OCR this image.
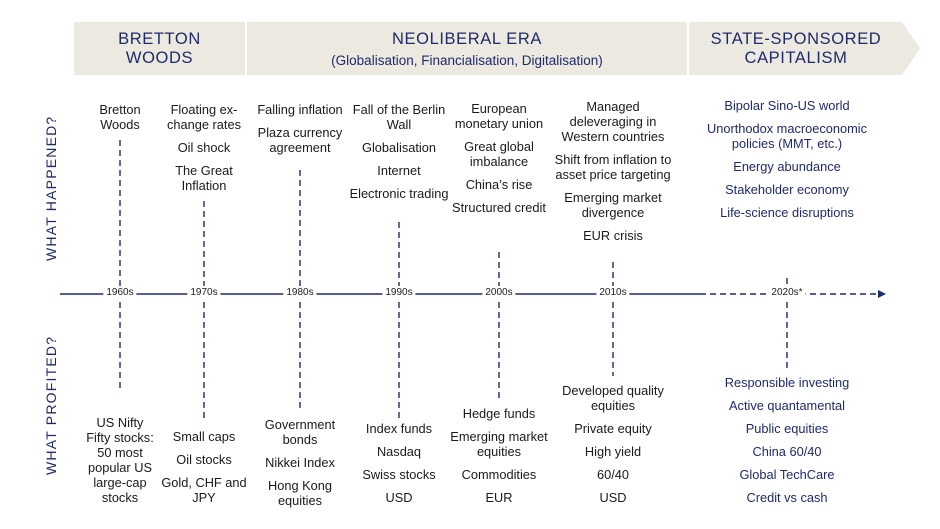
BRETTON WOODS
NEOLIBERAL ERA
(Globalisation, Financialisation, Digitalisation)
STATE-SPONSORED CAPITALISM
WHAT HAPPENED?
WHAT PROFITED?
1960s	1970s	1980s	1990s	2000s	2010s	2020s*
Bretton Woods
Floating ex-change rates
Oil shock
The Great Inflation
Falling inflation
Plaza currency agreement
Fall of the Berlin Wall
Globalisation
Internet
Electronic trading
European monetary union
Great global imbalance
China’s rise
Structured credit
Managed deleveraging in Western countries
Shift from inflation to asset price targeting
Emerging market divergence
EUR crisis
Bipolar Sino-US world
Unorthodox macroeconomic policies (MMT, etc.)
Energy abundance
Stakeholder economy
Life-science disruptions
US Nifty Fifty stocks: 50 most popular US large-cap stocks
Small caps
Oil stocks
Gold, CHF and JPY
Government bonds
Nikkei Index
Hong Kong equities
Index funds
Nasdaq
Swiss stocks
USD
Hedge funds
Emerging market equities
Commodities
EUR
Developed quality equities
Private equity
High yield
60/40
USD
Responsible investing
Active quantamental
Public equities
China 60/40
Global TechCare
Credit vs cash
